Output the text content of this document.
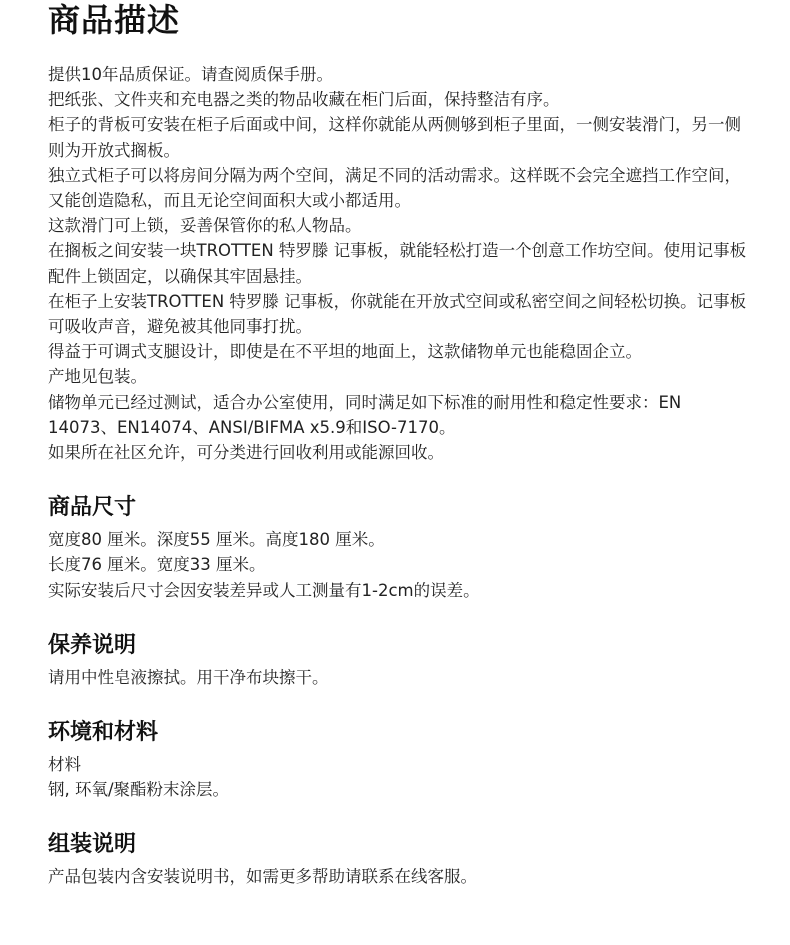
商品描述
提供10年品质保证。请查阅质保手册。
把纸张、文件夹和充电器之类的物品收藏在柜门后面，保持整洁有序。
柜子的背板可安装在柜子后面或中间，这样你就能从两侧够到柜子里面，一侧安装滑门，另一侧则为开放式搁板。
独立式柜子可以将房间分隔为两个空间，满足不同的活动需求。这样既不会完全遮挡工作空间，又能创造隐私，而且无论空间面积大或小都适用。
这款滑门可上锁，妥善保管你的私人物品。
在搁板之间安装一块TROTTEN 特罗滕 记事板，就能轻松打造一个创意工作坊空间。使用记事板配件上锁固定，以确保其牢固悬挂。
在柜子上安装TROTTEN 特罗滕 记事板，你就能在开放式空间或私密空间之间轻松切换。记事板可吸收声音，避免被其他同事打扰。
得益于可调式支腿设计，即使是在不平坦的地面上，这款储物单元也能稳固企立。
产地见包装。
储物单元已经过测试，适合办公室使用，同时满足如下标准的耐用性和稳定性要求：EN 14073、EN14074、ANSI/BIFMA x5.9和ISO-7170。
如果所在社区允许，可分类进行回收利用或能源回收。
商品尺寸
宽度80 厘米。深度55 厘米。高度180 厘米。
长度76 厘米。宽度33 厘米。
实际安装后尺寸会因安装差异或人工测量有1-2cm的误差。
保养说明
请用中性皂液擦拭。用干净布块擦干。
环境和材料
材料
钢, 环氧/聚酯粉末涂层。
组装说明
产品包装内含安装说明书，如需更多帮助请联系在线客服。
